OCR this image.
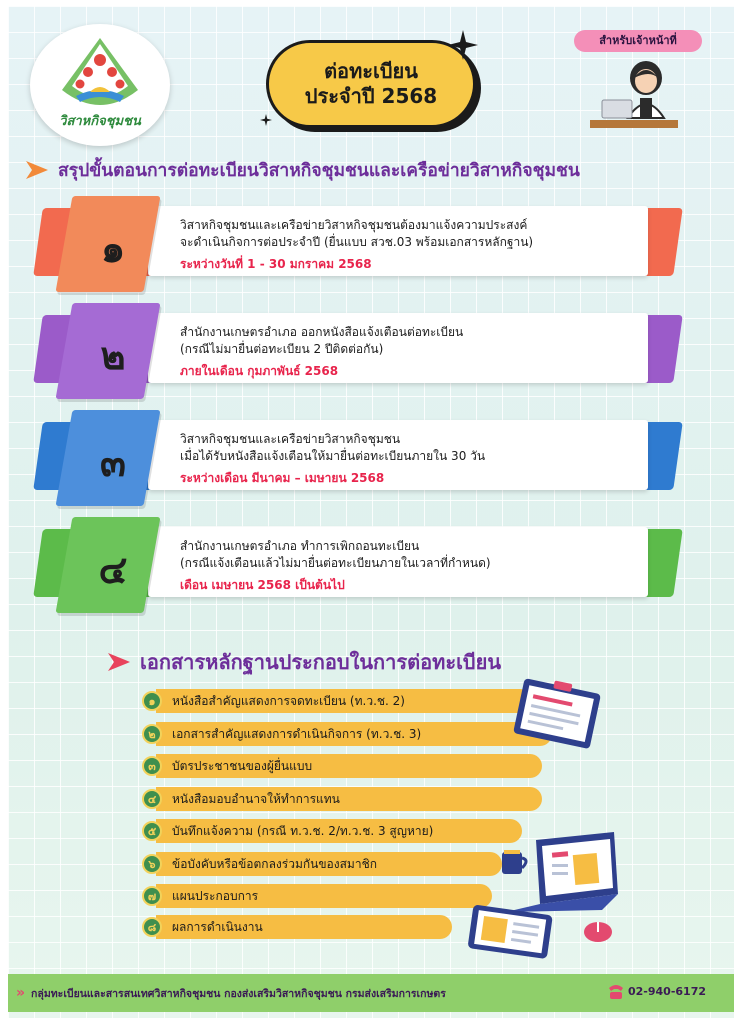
วิสาหกิจชุมชน
ต่อทะเบียน
ประจำปี 2568
สำหรับเจ้าหน้าที่
สรุปขั้นตอนการต่อทะเบียนวิสาหกิจชุมชนและเครือข่ายวิสาหกิจชุมชน
๑
วิสาหกิจชุมชนและเครือข่ายวิสาหกิจชุมชนต้องมาแจ้งความประสงค์
จะดำเนินกิจการต่อประจำปี (ยื่นแบบ สวช.03 พร้อมเอกสารหลักฐาน)
ระหว่างวันที่ 1 - 30 มกราคม 2568
๒
สำนักงานเกษตรอำเภอ ออกหนังสือแจ้งเตือนต่อทะเบียน
(กรณีไม่มายื่นต่อทะเบียน 2 ปีติดต่อกัน)
ภายในเดือน กุมภาพันธ์ 2568
๓
วิสาหกิจชุมชนและเครือข่ายวิสาหกิจชุมชน
เมื่อได้รับหนังสือแจ้งเตือนให้มายื่นต่อทะเบียนภายใน 30 วัน
ระหว่างเดือน มีนาคม – เมษายน 2568
๔
สำนักงานเกษตรอำเภอ ทำการเพิกถอนทะเบียน
(กรณีแจ้งเตือนแล้วไม่มายื่นต่อทะเบียนภายในเวลาที่กำหนด)
เดือน เมษายน 2568 เป็นต้นไป
เอกสารหลักฐานประกอบในการต่อทะเบียน
๑	หนังสือสำคัญแสดงการจดทะเบียน (ท.ว.ช. 2)
๒	เอกสารสำคัญแสดงการดำเนินกิจการ (ท.ว.ช. 3)
๓	บัตรประชาชนของผู้ยื่นแบบ
๔	หนังสือมอบอำนาจให้ทำการแทน
๕	บันทึกแจ้งความ (กรณี ท.ว.ช. 2/ท.ว.ช. 3 สูญหาย)
๖	ข้อบังคับหรือข้อตกลงร่วมกันของสมาชิก
๗	แผนประกอบการ
๘	ผลการดำเนินงาน
» กลุ่มทะเบียนและสารสนเทศวิสาหกิจชุมชน กองส่งเสริมวิสาหกิจชุมชน กรมส่งเสริมการเกษตร	02-940-6172
